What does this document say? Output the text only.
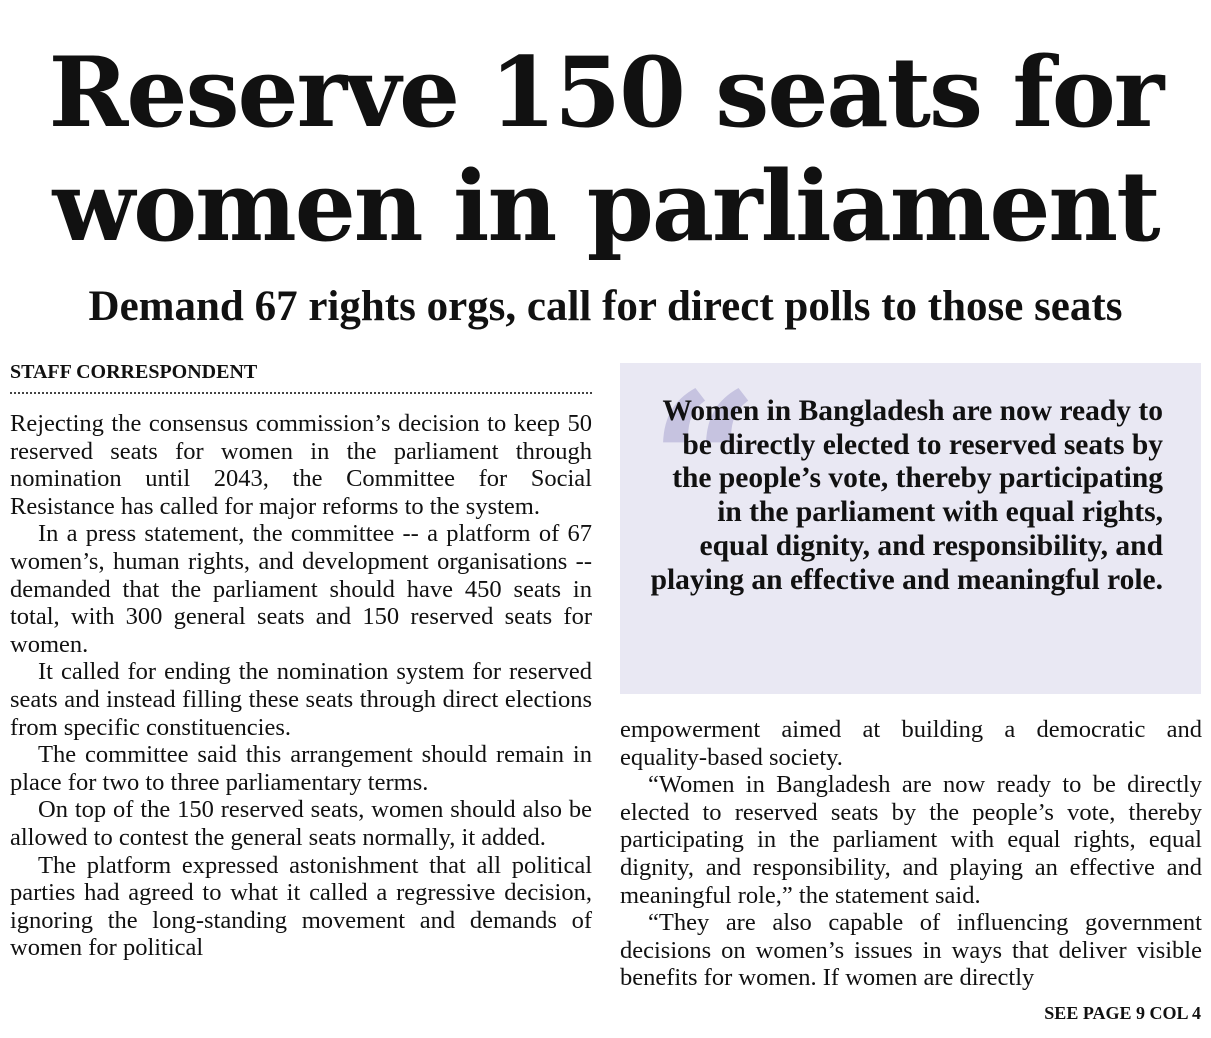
Reserve 150 seats for
women in parliament
Demand 67 rights orgs, call for direct polls to those seats
STAFF CORRESPONDENT

Rejecting the consensus commission’s decision to keep 50 reserved seats for women in the parliament through nomination until 2043, the Committee for Social Resistance has called for major reforms to the system.

In a press statement, the committee -- a platform of 67 women’s, human rights, and development organisations -- demanded that the parliament should have 450 seats in total, with 300 general seats and 150 reserved seats for women.

It called for ending the nomination system for reserved seats and instead filling these seats through direct elections from specific constituencies.

The committee said this arrangement should remain in place for two to three parliamentary terms.

On top of the 150 reserved seats, women should also be allowed to contest the general seats normally, it added.

The platform expressed astonishment that all political parties had agreed to what it called a regressive decision, ignoring the long-standing movement and demands of women for political

“
Women in Bangladesh are now ready to be directly elected to reserved seats by the people’s vote, thereby participating in the parliament with equal rights, equal dignity, and responsibility, and playing an effective and meaningful role.

empowerment aimed at building a democratic and equality-based society.

“Women in Bangladesh are now ready to be directly elected to reserved seats by the people’s vote, thereby participating in the parliament with equal rights, equal dignity, and responsibility, and playing an effective and meaningful role,” the statement said.

“They are also capable of influencing government decisions on women’s issues in ways that deliver visible benefits for women. If women are directly

SEE PAGE 9 COL 4
